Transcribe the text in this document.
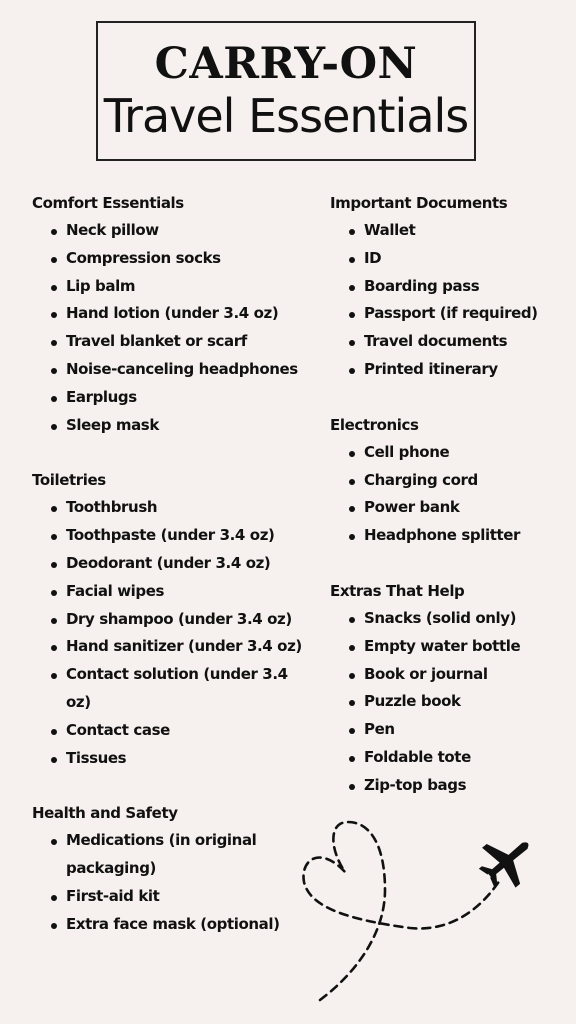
CARRY-ON
Travel Essentials
Comfort Essentials
Neck pillow
Compression socks
Lip balm
Hand lotion (under 3.4 oz)
Travel blanket or scarf
Noise-canceling headphones
Earplugs
Sleep mask
Toiletries
Toothbrush
Toothpaste (under 3.4 oz)
Deodorant (under 3.4 oz)
Facial wipes
Dry shampoo (under 3.4 oz)
Hand sanitizer (under 3.4 oz)
Contact solution (under 3.4 oz)
Contact case
Tissues
Health and Safety
Medications (in original packaging)
First-aid kit
Extra face mask (optional)
Important Documents
Wallet
ID
Boarding pass
Passport (if required)
Travel documents
Printed itinerary
Electronics
Cell phone
Charging cord
Power bank
Headphone splitter
Extras That Help
Snacks (solid only)
Empty water bottle
Book or journal
Puzzle book
Pen
Foldable tote
Zip-top bags
